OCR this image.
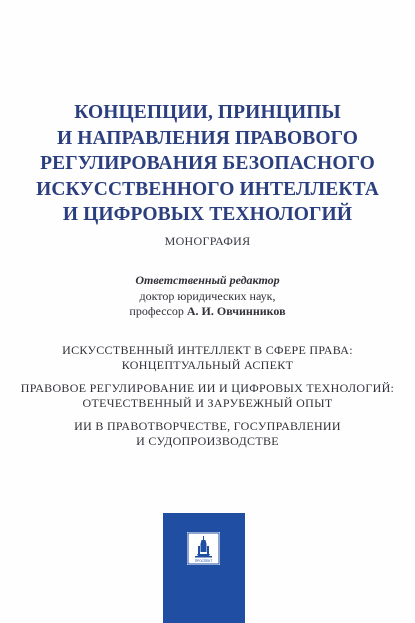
КОНЦЕПЦИИ, ПРИНЦИПЫ
И НАПРАВЛЕНИЯ ПРАВОВОГО
РЕГУЛИРОВАНИЯ БЕЗОПАСНОГО
ИСКУССТВЕННОГО ИНТЕЛЛЕКТА
И ЦИФРОВЫХ ТЕХНОЛОГИЙ
МОНОГРАФИЯ
Ответственный редактор
доктор юридических наук,
профессор А. И. Овчинников
ИСКУССТВЕННЫЙ ИНТЕЛЛЕКТ В СФЕРЕ ПРАВА:
КОНЦЕПТУАЛЬНЫЙ АСПЕКТ
ПРАВОВОЕ РЕГУЛИРОВАНИЕ ИИ И ЦИФРОВЫХ ТЕХНОЛОГИЙ:
ОТЕЧЕСТВЕННЫЙ И ЗАРУБЕЖНЫЙ ОПЫТ
ИИ В ПРАВОТВОРЧЕСТВЕ, ГОСУПРАВЛЕНИИ
И СУДОПРОИЗВОДСТВЕ
ПРОСПЕКТ
